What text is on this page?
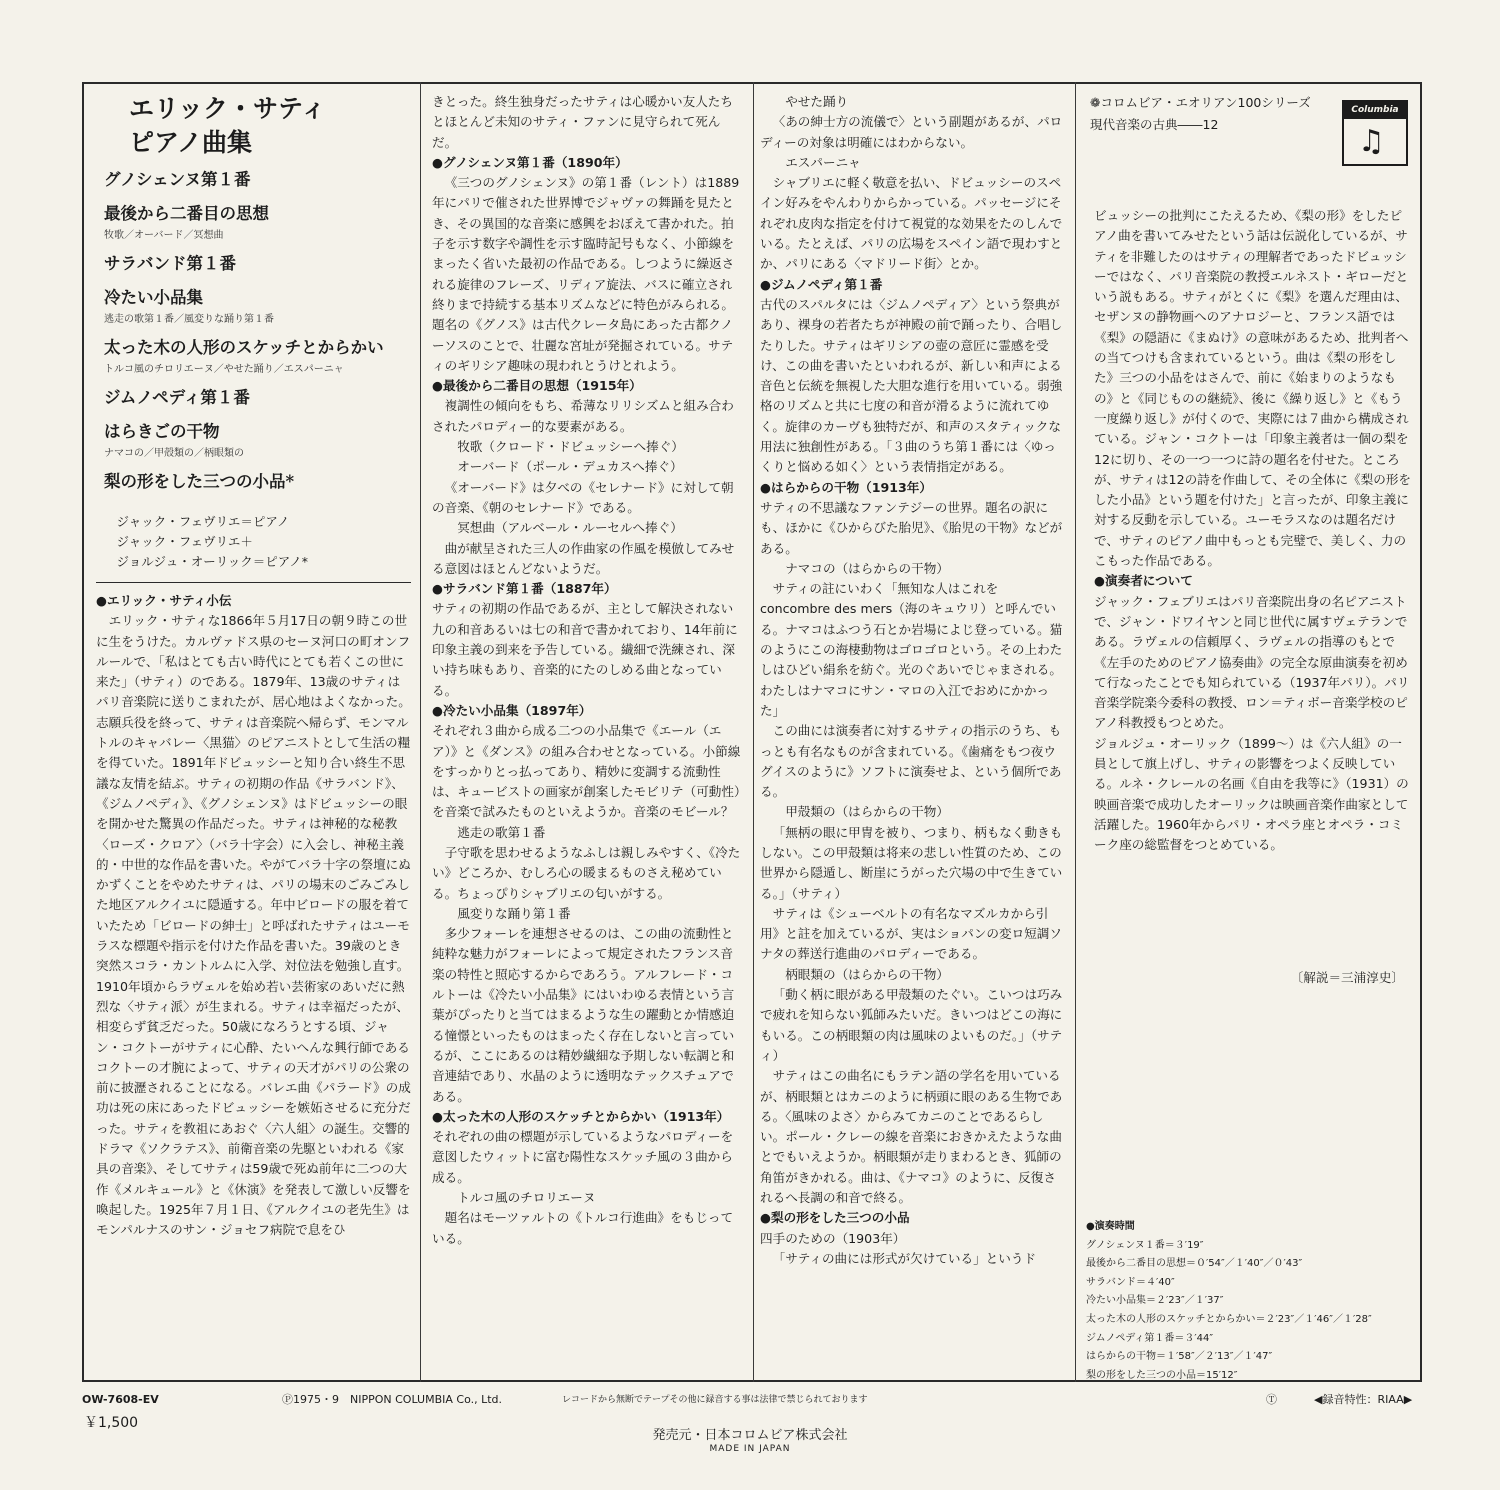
エリック・サティ

ピアノ曲集

グノシェンヌ第１番
最後から二番目の思想
牧歌／オーバード／冥想曲
サラバンド第１番
冷たい小品集
逃走の歌第１番／風変りな踊り第１番
太った木の人形のスケッチとからかい
トルコ風のチロリエーヌ／やせた踊り／エスパーニャ
ジムノペディ第１番
はらきごの干物
ナマコの／甲殻類の／柄眼類の
梨の形をした三つの小品*

ジャック・フェヴリエ＝ピアノ

ジャック・フェヴリエ＋

ジョルジュ・オーリック＝ピアノ*

● エリック・サティ小伝

エリック・サティな1866年５月17日の朝９時この世に生をうけた。カルヴァドス県のセーヌ河口の町オンフルールで、「私はとても古い時代にとても若くこの世に来た」（サティ）のである。1879年、13歳のサティはパリ音楽院に送りこまれたが、居心地はよくなかった。志願兵役を終って、サティは音楽院へ帰らず、モンマルトルのキャバレー〈黒猫〉のピアニストとして生活の糧を得ていた。1891年ドビュッシーと知り合い終生不思議な友情を結ぶ。サティの初期の作品《サラバンド》、《ジムノペディ》、《グノシェンヌ》はドビュッシーの眼を開かせた驚異の作品だった。サティは神秘的な秘教〈ローズ・クロア〉（バラ十字会）に入会し、神秘主義的・中世的な作品を書いた。やがてバラ十字の祭壇にぬかずくことをやめたサティは、パリの場末のごみごみした地区アルクイユに隠遁する。年中ビロードの服を着ていたため「ビロードの紳士」と呼ばれたサティはユーモラスな標題や指示を付けた作品を書いた。39歳のとき突然スコラ・カントルムに入学、対位法を勉強し直す。1910年頃からラヴェルを始め若い芸術家のあいだに熱烈な〈サティ派〉が生まれる。サティは幸福だったが、相変らず貧乏だった。50歳になろうとする頃、ジャン・コクトーがサティに心酔、たいへんな興行師であるコクトーの才腕によって、サティの天才がパリの公衆の前に披瀝されることになる。バレエ曲《パラード》の成功は死の床にあったドビュッシーを嫉妬させるに充分だった。サティを教祖にあおぐ〈六人組〉の誕生。交響的ドラマ《ソクラテス》、前衛音楽の先駆といわれる《家具の音楽》、そしてサティは59歳で死ぬ前年に二つの大作《メルキュール》と《休演》を発表して激しい反響を喚起した。1925年７月１日、《アルクイユの老先生》はモンパルナスのサン・ジョセフ病院で息をひ

きとった。終生独身だったサティは心暖かい友人たちとほとんど未知のサティ・ファンに見守られて死んだ。

● グノシェンヌ第１番（1890年）

《三つのグノシェンヌ》の第１番（レント）は1889年にパリで催された世界博でジャヴァの舞踊を見たとき、その異国的な音楽に感興をおぼえて書かれた。拍子を示す数字や調性を示す臨時記号もなく、小節線をまったく省いた最初の作品である。しつように繰返される旋律のフレーズ、リディア旋法、バスに確立され終りまで持続する基本リズムなどに特色がみられる。題名の《グノス》は古代クレータ島にあった古都クノーソスのことで、壮麗な宮址が発掘されている。サティのギリシア趣味の現われとうけとれよう。

● 最後から二番目の思想（1915年）

複調性の傾向をもち、希薄なリリシズムと組み合わされたパロディー的な要素がある。

牧歌（クロード・ドビュッシーへ捧ぐ）

オーバード（ポール・デュカスへ捧ぐ）

《オーバード》は夕べの《セレナード》に対して朝の音楽、《朝のセレナード》である。

冥想曲（アルベール・ルーセルへ捧ぐ）

曲が献呈された三人の作曲家の作風を模倣してみせる意図はほとんどないようだ。

● サラバンド第１番（1887年）

サティの初期の作品であるが、主として解決されない九の和音あるいは七の和音で書かれており、14年前に印象主義の到来を予告している。繊細で洗練され、深い持ち味もあり、音楽的にたのしめる曲となっている。

● 冷たい小品集（1897年）

それぞれ３曲から成る二つの小品集で《エール（エア）》と《ダンス》の組み合わせとなっている。小節線をすっかりとっ払ってあり、精妙に変調する流動性は、キュービストの画家が創案したモビリテ（可動性）を音楽で試みたものといえようか。音楽のモビール？

逃走の歌第１番

子守歌を思わせるようなふしは親しみやすく、《冷たい》どころか、むしろ心の暖まるものさえ秘めている。ちょっぴりシャブリエの匂いがする。

風変りな踊り第１番

多少フォーレを連想させるのは、この曲の流動性と純粋な魅力がフォーレによって規定されたフランス音楽の特性と照応するからであろう。アルフレード・コルトーは《冷たい小品集》にはいわゆる表情という言葉がぴったりと当てはまるような生の躍動とか情感迫る憧憬といったものはまったく存在しないと言っているが、ここにあるのは精妙繊細な予期しない転調と和音連結であり、水晶のように透明なテックスチュアである。

● 太った木の人形のスケッチとからかい（1913年）

それぞれの曲の標題が示しているようなパロディーを意図したウィットに富む陽性なスケッチ風の３曲から成る。

トルコ風のチロリエーヌ

題名はモーツァルトの《トルコ行進曲》をもじっている。

やせた踊り

〈あの紳士方の流儀で〉という副題があるが、パロディーの対象は明確にはわからない。

エスパーニャ

シャブリエに軽く敬意を払い、ドビュッシーのスペイン好みをやんわりからかっている。パッセージにそれぞれ皮肉な指定を付けて視覚的な効果をたのしんでいる。たとえば、パリの広場をスペイン語で現わすとか、パリにある〈マドリード街〉とか。

● ジムノペディ第１番

古代のスパルタには〈ジムノペディア〉という祭典があり、裸身の若者たちが神殿の前で踊ったり、合唱したりした。サティはギリシアの壺の意匠に霊感を受け、この曲を書いたといわれるが、新しい和声による音色と伝統を無視した大胆な進行を用いている。弱強格のリズムと共に七度の和音が滑るように流れてゆく。旋律のカーヴも独特だが、和声のスタティックな用法に独創性がある。「３曲のうち第１番には〈ゆっくりと悩める如く〉という表情指定がある。

● はらからの干物（1913年）

サティの不思議なファンテジーの世界。題名の訳にも、ほかに《ひからびた胎児》、《胎児の干物》などがある。

ナマコの（はらからの干物）

サティの註にいわく「無知な人はこれを concombre des mers（海のキュウリ）と呼んでいる。ナマコはふつう石とか岩場によじ登っている。猫のようにこの海棲動物はゴロゴロという。その上わたしはひどい絹糸を紡ぐ。光のぐあいでじゃまされる。わたしはナマコにサン・マロの入江でおめにかかった」

この曲には演奏者に対するサティの指示のうち、もっとも有名なものが含まれている。《歯痛をもつ夜ウグイスのように》ソフトに演奏せよ、という個所である。

甲殻類の（はらからの干物）

「無柄の眼に甲冑を被り、つまり、柄もなく動きもしない。この甲殻類は将来の悲しい性質のため、この世界から隠遁し、断崖にうがった穴場の中で生きている。」（サティ）

サティは《シューベルトの有名なマズルカから引用》と註を加えているが、実はショパンの変ロ短調ソナタの葬送行進曲のパロディーである。

柄眼類の（はらからの干物）

「動く柄に眼がある甲殻類のたぐい。こいつは巧みで疲れを知らない狐師みたいだ。きいつはどこの海にもいる。この柄眼類の肉は風味のよいものだ。」（サティ）

サティはこの曲名にもラテン語の学名を用いているが、柄眼類とはカニのように柄頭に眼のある生物である。〈風味のよさ〉からみてカニのことであるらしい。ポール・クレーの線を音楽におきかえたような曲とでもいえようか。柄眼類が走りまわるとき、狐師の角笛がきかれる。曲は、《ナマコ》のように、反復されるへ長調の和音で終る。

● 梨の形をした三つの小品

四手のための（1903年）

「サティの曲には形式が欠けている」というド

❁コロムビア・エオリアン100シリーズ
現代音楽の古典――12
Columbia
♫

ビュッシーの批判にこたえるため、《梨の形》をしたピアノ曲を書いてみせたという話は伝説化しているが、サティを非難したのはサティの理解者であったドビュッシーではなく、パリ音楽院の教授エルネスト・ギローだという説もある。サティがとくに《梨》を選んだ理由は、セザンヌの静物画へのアナロジーと、フランス語では《梨》の隠語に《まぬけ》の意味があるため、批判者への当てつけも含まれているという。曲は《梨の形をした》三つの小品をはさんで、前に《始まりのようなもの》と《同じものの継続》、後に《繰り返し》と《もう一度繰り返し》が付くので、実際には７曲から構成されている。ジャン・コクトーは「印象主義者は一個の梨を12に切り、その一つ一つに詩の題名を付せた。ところが、サティは12の詩を作曲して、その全体に《梨の形をした小品》という題を付けた」と言ったが、印象主義に対する反動を示している。ユーモラスなのは題名だけで、サティのピアノ曲中もっとも完璧で、美しく、力のこもった作品である。

● 演奏者について

ジャック・フェブリエはパリ音楽院出身の名ピアニストで、ジャン・ドワイヤンと同じ世代に属すヴェテランである。ラヴェルの信頼厚く、ラヴェルの指導のもとで《左手のためのピアノ協奏曲》の完全な原曲演奏を初めて行なったことでも知られている（1937年パリ）。パリ音楽学院楽今委科の教授、ロン＝ティボー音楽学校のピアノ科教授もつとめた。

ジョルジュ・オーリック（1899～）は《六人組》の一員として旗上げし、サティの影響をつよく反映している。ルネ・クレールの名画《自由を我等に》（1931）の映画音楽で成功したオーリックは映画音楽作曲家として活躍した。1960年からパリ・オペラ座とオペラ・コミーク座の総監督をつとめている。

〔解説＝三浦淳史〕
●演奏時間
グノシェンヌ１番＝３′19″
最後から二番目の思想＝０′54″／１′40″／０′43″
サラバンド＝４′40″
冷たい小品集＝２′23″／１′37″
太った木の人形のスケッチとからかい＝２′23″／１′46″／１′28″
ジムノペディ第１番＝３′44″
はらからの干物＝１′58″／２′13″／１′47″
梨の形をした三つの小品＝15′12″
OW-7608-EV	Ⓟ1975・9　NIPPON COLUMBIA Co., Ltd.	レコードから無断でテープその他に録音する事は法律で禁じられております	Ⓣ	◀録音特性：RIAA▶
￥1,500
発売元・日本コロムビア株式会社
MADE IN JAPAN
